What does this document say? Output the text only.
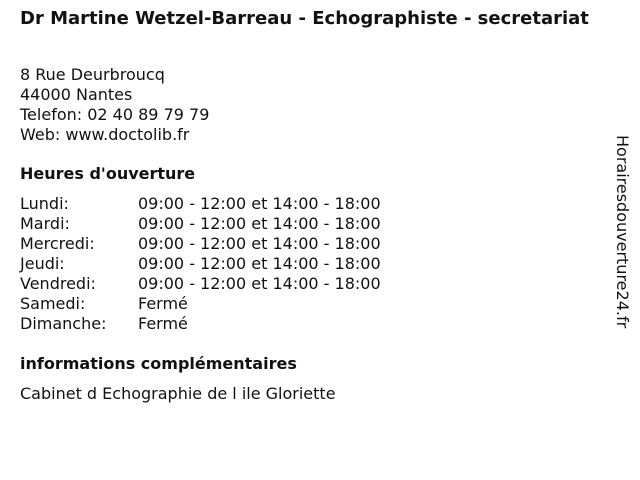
Dr Martine Wetzel-Barreau - Echographiste - secretariat
8 Rue Deurbroucq
44000 Nantes
Telefon: 02 40 89 79 79
Web: www.doctolib.fr
Heures d'ouverture
Lundi:	09:00 - 12:00 et 14:00 - 18:00
Mardi:	09:00 - 12:00 et 14:00 - 18:00
Mercredi:	09:00 - 12:00 et 14:00 - 18:00
Jeudi:	09:00 - 12:00 et 14:00 - 18:00
Vendredi:	09:00 - 12:00 et 14:00 - 18:00
Samedi:	Fermé
Dimanche:	Fermé
informations complémentaires
Cabinet d Echographie de l ile Gloriette
Horairesdouverture24.fr
